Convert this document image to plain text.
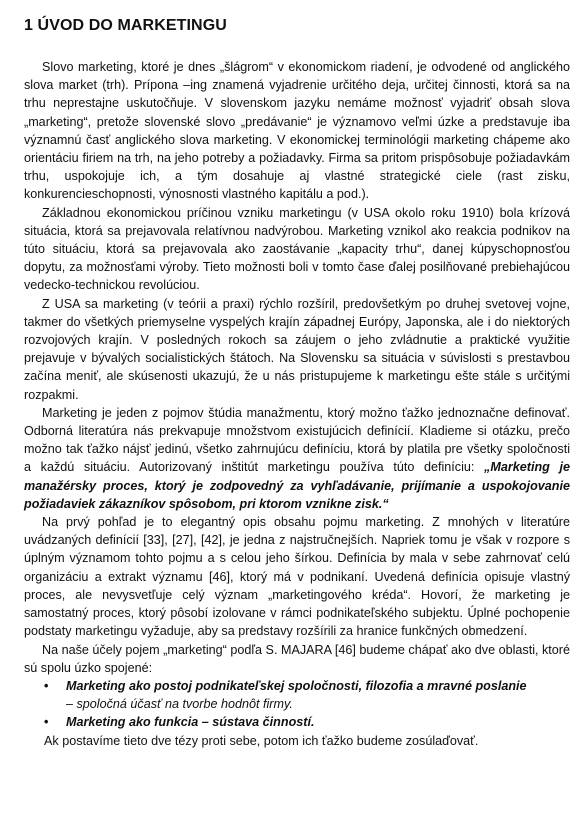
1 ÚVOD DO MARKETINGU

Slovo marketing, ktoré je dnes „šlágrom“ v ekonomickom riadení, je odvodené od anglického slova market (trh). Prípona –ing znamená vyjadrenie určitého deja, určitej činnosti, ktorá sa na trhu neprestajne uskutočňuje. V slovenskom jazyku nemáme možnosť vyjadriť obsah slova „marketing“, pretože slovenské slovo „predávanie“ je významovo veľmi úzke a predstavuje iba významnú časť anglického slova marketing. V ekonomickej terminológii marketing chápeme ako orientáciu firiem na trh, na jeho potreby a požiadavky. Firma sa pritom prispôsobuje požiadavkám trhu, uspokojuje ich, a tým dosahuje aj vlastné strategické ciele (rast zisku, konkurencieschopnosti, výnosnosti vlastného kapitálu a pod.).

Základnou ekonomickou príčinou vzniku marketingu (v USA okolo roku 1910) bola krízová situácia, ktorá sa prejavovala relatívnou nadvýrobou. Marketing vznikol ako reakcia podnikov na túto situáciu, ktorá sa prejavovala ako zaostávanie „kapacity trhu“, danej kúpyschopnosťou dopytu, za možnosťami výroby. Tieto možnosti boli v tomto čase ďalej posilňované prebiehajúcou vedecko-technickou revolúciou.

Z USA sa marketing (v teórii a praxi) rýchlo rozšíril, predovšetkým po druhej svetovej vojne, takmer do všetkých priemyselne vyspelých krajín západnej Európy, Japonska, ale i do niektorých rozvojových krajín. V posledných rokoch sa záujem o jeho zvládnutie a praktické využitie prejavuje v bývalých socialistických štátoch. Na Slovensku sa situácia v súvislosti s prestavbou začína meniť, ale skúsenosti ukazujú, že u nás pristupujeme k marketingu ešte stále s určitými rozpakmi.

Marketing je jeden z pojmov štúdia manažmentu, ktorý možno ťažko jednoznačne definovať. Odborná literatúra nás prekvapuje množstvom existujúcich definícií. Kladieme si otázku, prečo možno tak ťažko nájsť jedinú, všetko zahrnujúcu definíciu, ktorá by platila pre všetky spoločnosti a každú situáciu. Autorizovaný inštitút marketingu používa túto definíciu: „Marketing je manažérsky proces, ktorý je zodpovedný za vyhľadávanie, prijímanie a uspokojovanie požiadaviek zákazníkov spôsobom, pri ktorom vznikne zisk.“

Na prvý pohľad je to elegantný opis obsahu pojmu marketing. Z mnohých v literatúre uvádzaných definícií [33], [27], [42], je jedna z najstručnejších. Napriek tomu je však v rozpore s úplným významom tohto pojmu a s celou jeho šírkou. Definícia by mala v sebe zahrnovať celú organizáciu a extrakt významu [46], ktorý má v podnikaní. Uvedená definícia opisuje vlastný proces, ale nevysvetľuje celý význam „marketingového kréda“. Hovorí, že marketing je samostatný proces, ktorý pôsobí izolovane v rámci podnikateľského subjektu. Úplné pochopenie podstaty marketingu vyžaduje, aby sa predstavy rozšírili za hranice funkčných obmedzení.

Na naše účely pojem „marketing“ podľa S. MAJARA [46] budeme chápať ako dve oblasti, ktoré sú spolu úzko spojené:

• Marketing ako postoj podnikateľskej spoločnosti, filozofia a mravné poslanie
– spoločná účasť na tvorbe hodnôt firmy.
• Marketing ako funkcia – sústava činností.

Ak postavíme tieto dve tézy proti sebe, potom ich ťažko budeme zosúlaďovať.
